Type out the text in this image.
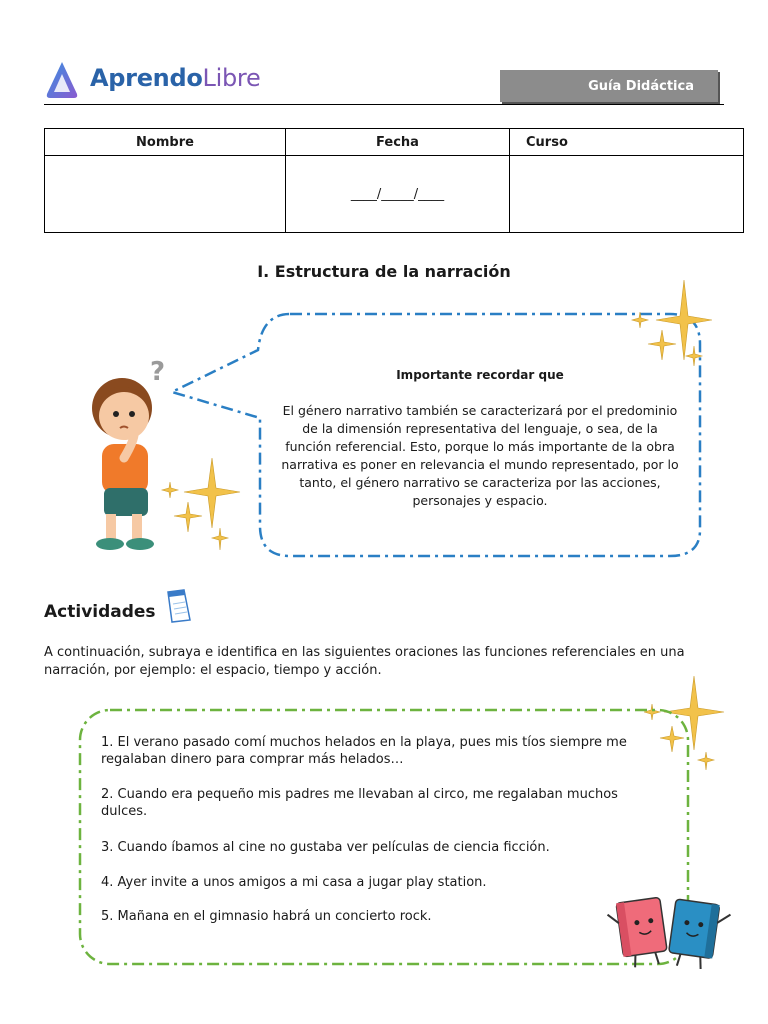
AprendoLibre	Guía Didáctica
Nombre	Fecha	Curso
	____/_____/____	
I. Estructura de la narración
Importante recordar que
El género narrativo también se caracterizará por el predominio de la dimensión representativa del lenguaje, o sea, de la función referencial. Esto, porque lo más importante de la obra narrativa es poner en relevancia el mundo representado, por lo tanto, el género narrativo se caracteriza por las acciones, personajes y espacio.
?
Actividades
A continuación, subraya e identifica en las siguientes oraciones las funciones referenciales en una narración, por ejemplo: el espacio, tiempo y acción.
1. El verano pasado comí muchos helados en la playa, pues mis tíos siempre me regalaban dinero para comprar más helados…
2. Cuando era pequeño mis padres me llevaban al circo, me regalaban muchos dulces.
3. Cuando íbamos al cine no gustaba ver películas de ciencia ficción.
4. Ayer invite a unos amigos a mi casa a jugar play station.
5. Mañana en el gimnasio habrá un concierto rock.
